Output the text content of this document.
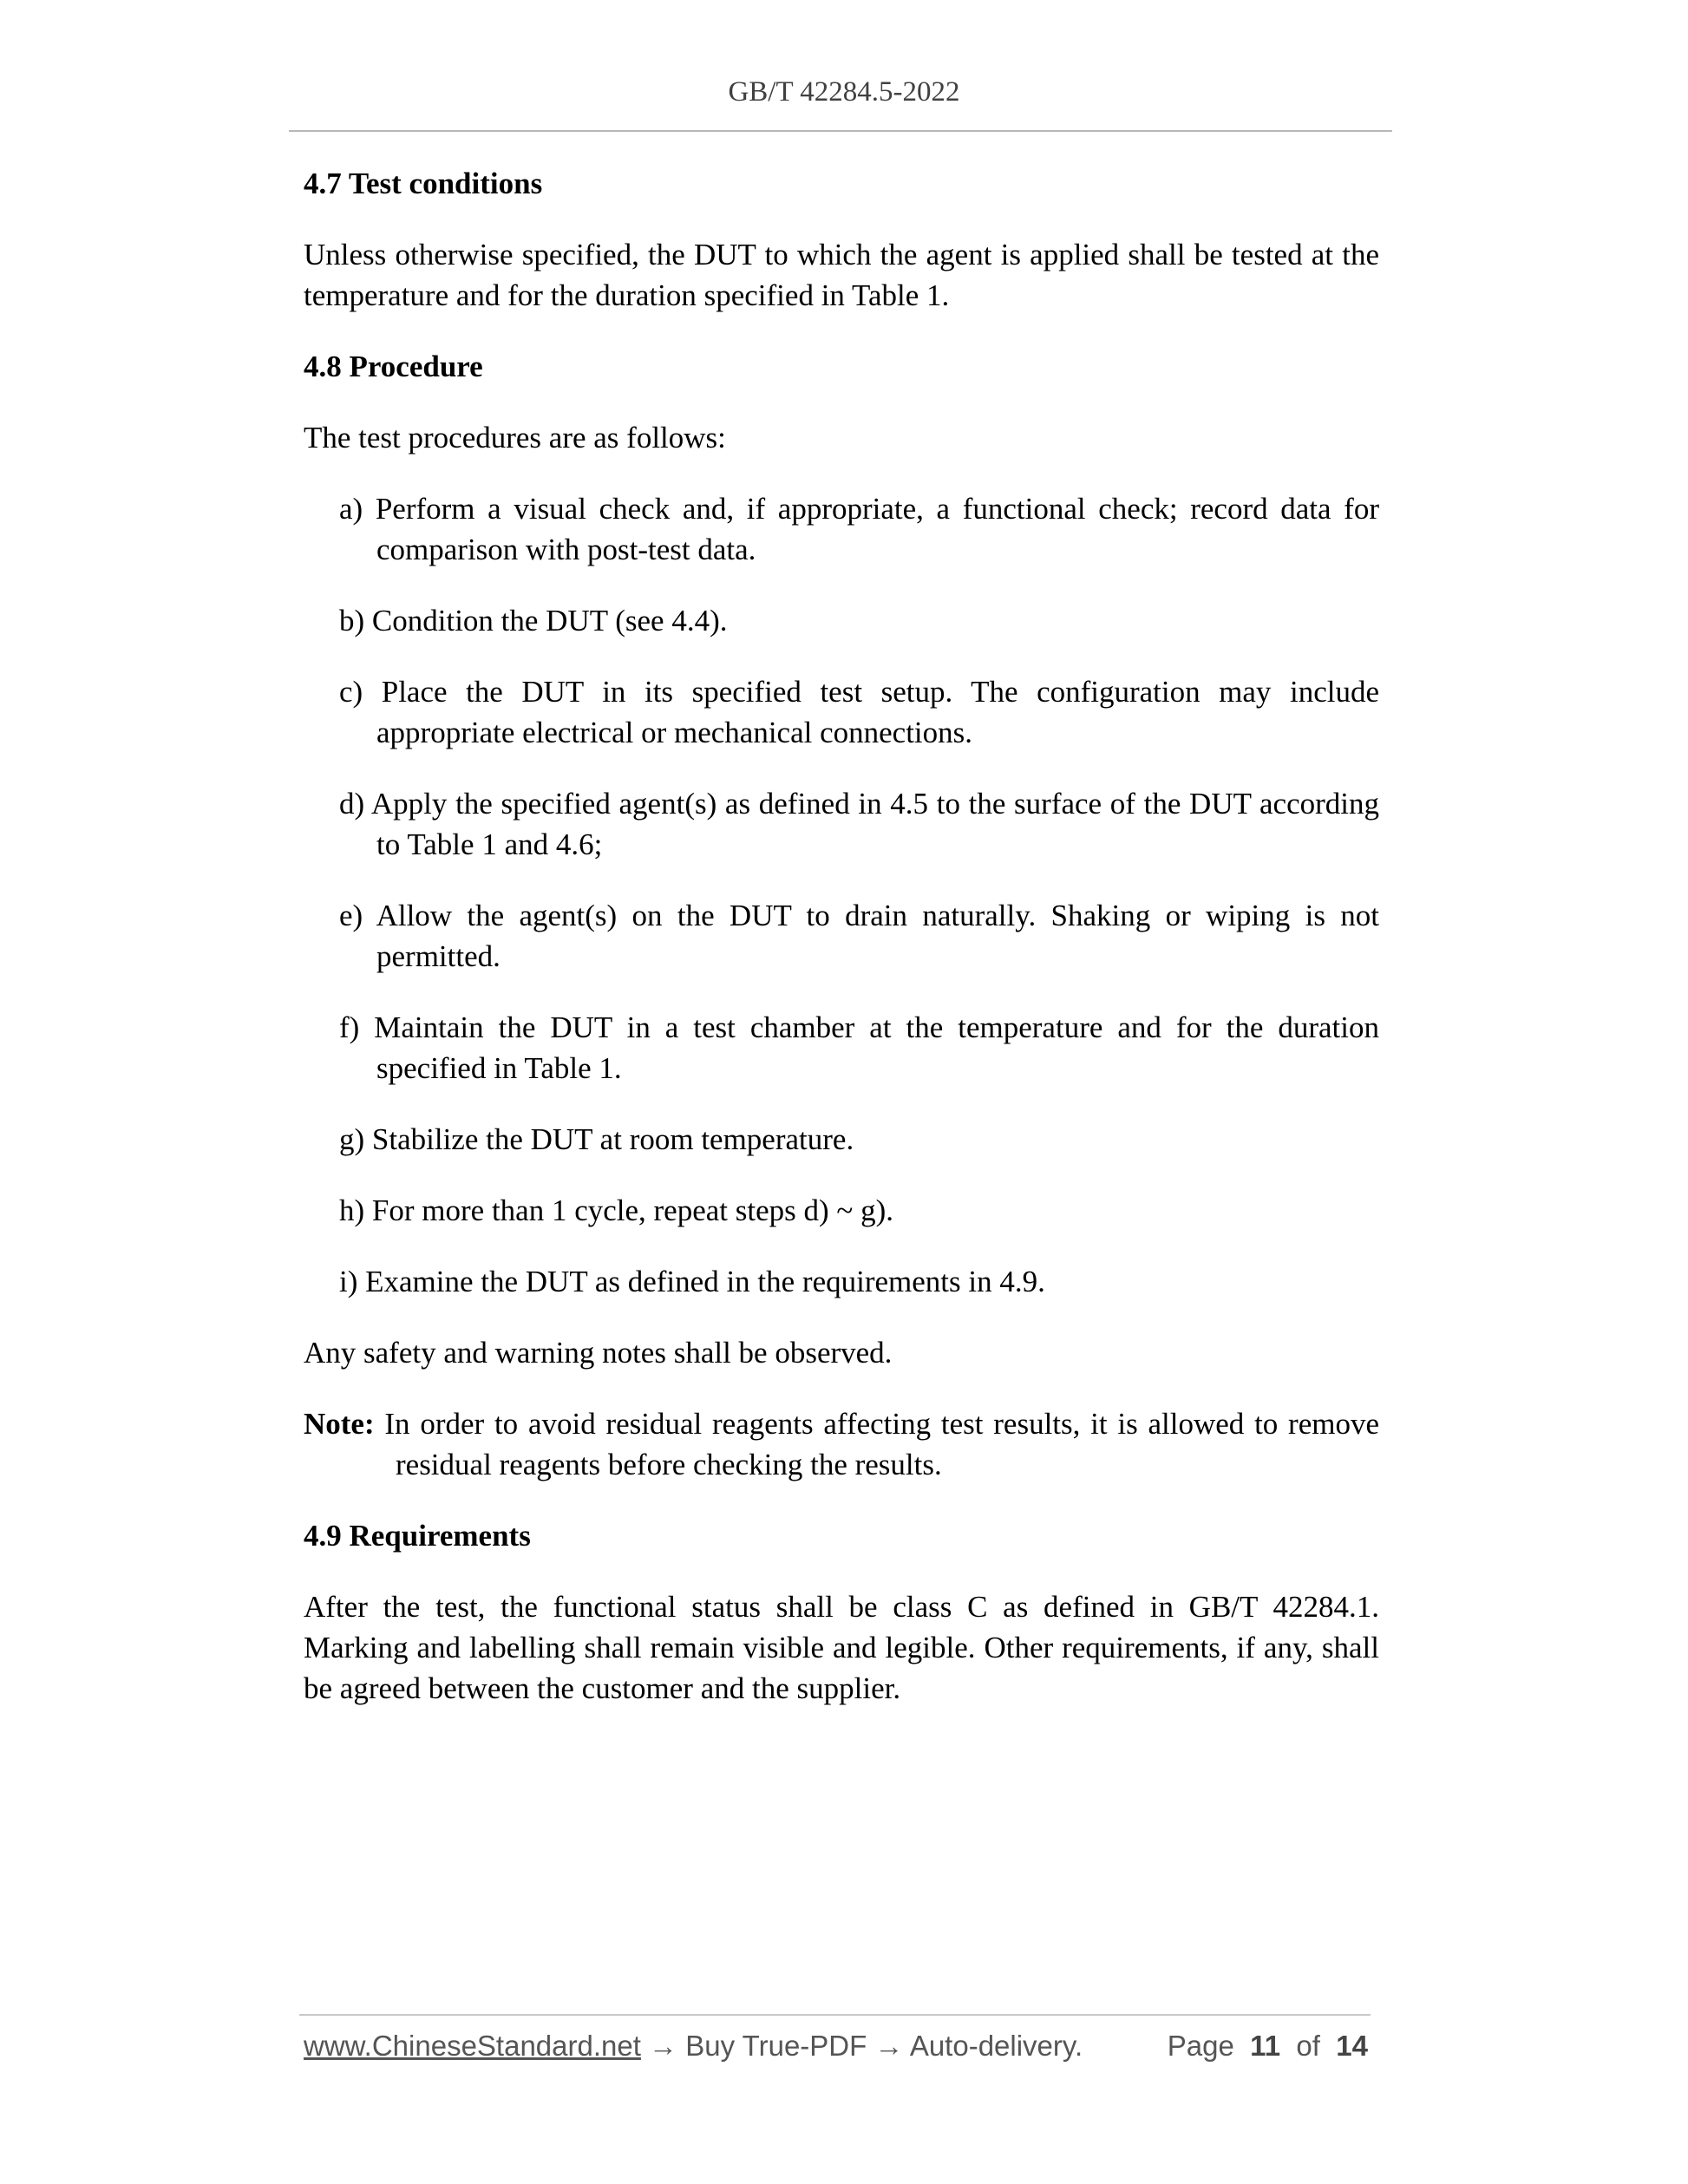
GB/T 42284.5-2022
4.7 Test conditions
Unless otherwise specified, the DUT to which the agent is applied shall be tested at the temperature and for the duration specified in Table 1.
4.8 Procedure
The test procedures are as follows:
a) Perform a visual check and, if appropriate, a functional check; record data for comparison with post-test data.
b) Condition the DUT (see 4.4).
c) Place the DUT in its specified test setup. The configuration may include appropriate electrical or mechanical connections.
d) Apply the specified agent(s) as defined in 4.5 to the surface of the DUT according to Table 1 and 4.6;
e) Allow the agent(s) on the DUT to drain naturally. Shaking or wiping is not permitted.
f) Maintain the DUT in a test chamber at the temperature and for the duration specified in Table 1.
g) Stabilize the DUT at room temperature.
h) For more than 1 cycle, repeat steps d) ~ g).
i) Examine the DUT as defined in the requirements in 4.9.
Any safety and warning notes shall be observed.
Note: In order to avoid residual reagents affecting test results, it is allowed to remove residual reagents before checking the results.
4.9 Requirements
After the test, the functional status shall be class C as defined in GB/T 42284.1. Marking and labelling shall remain visible and legible. Other requirements, if any, shall be agreed between the customer and the supplier.
www.ChineseStandard.net → Buy True-PDF → Auto-delivery.	Page 11 of 14
